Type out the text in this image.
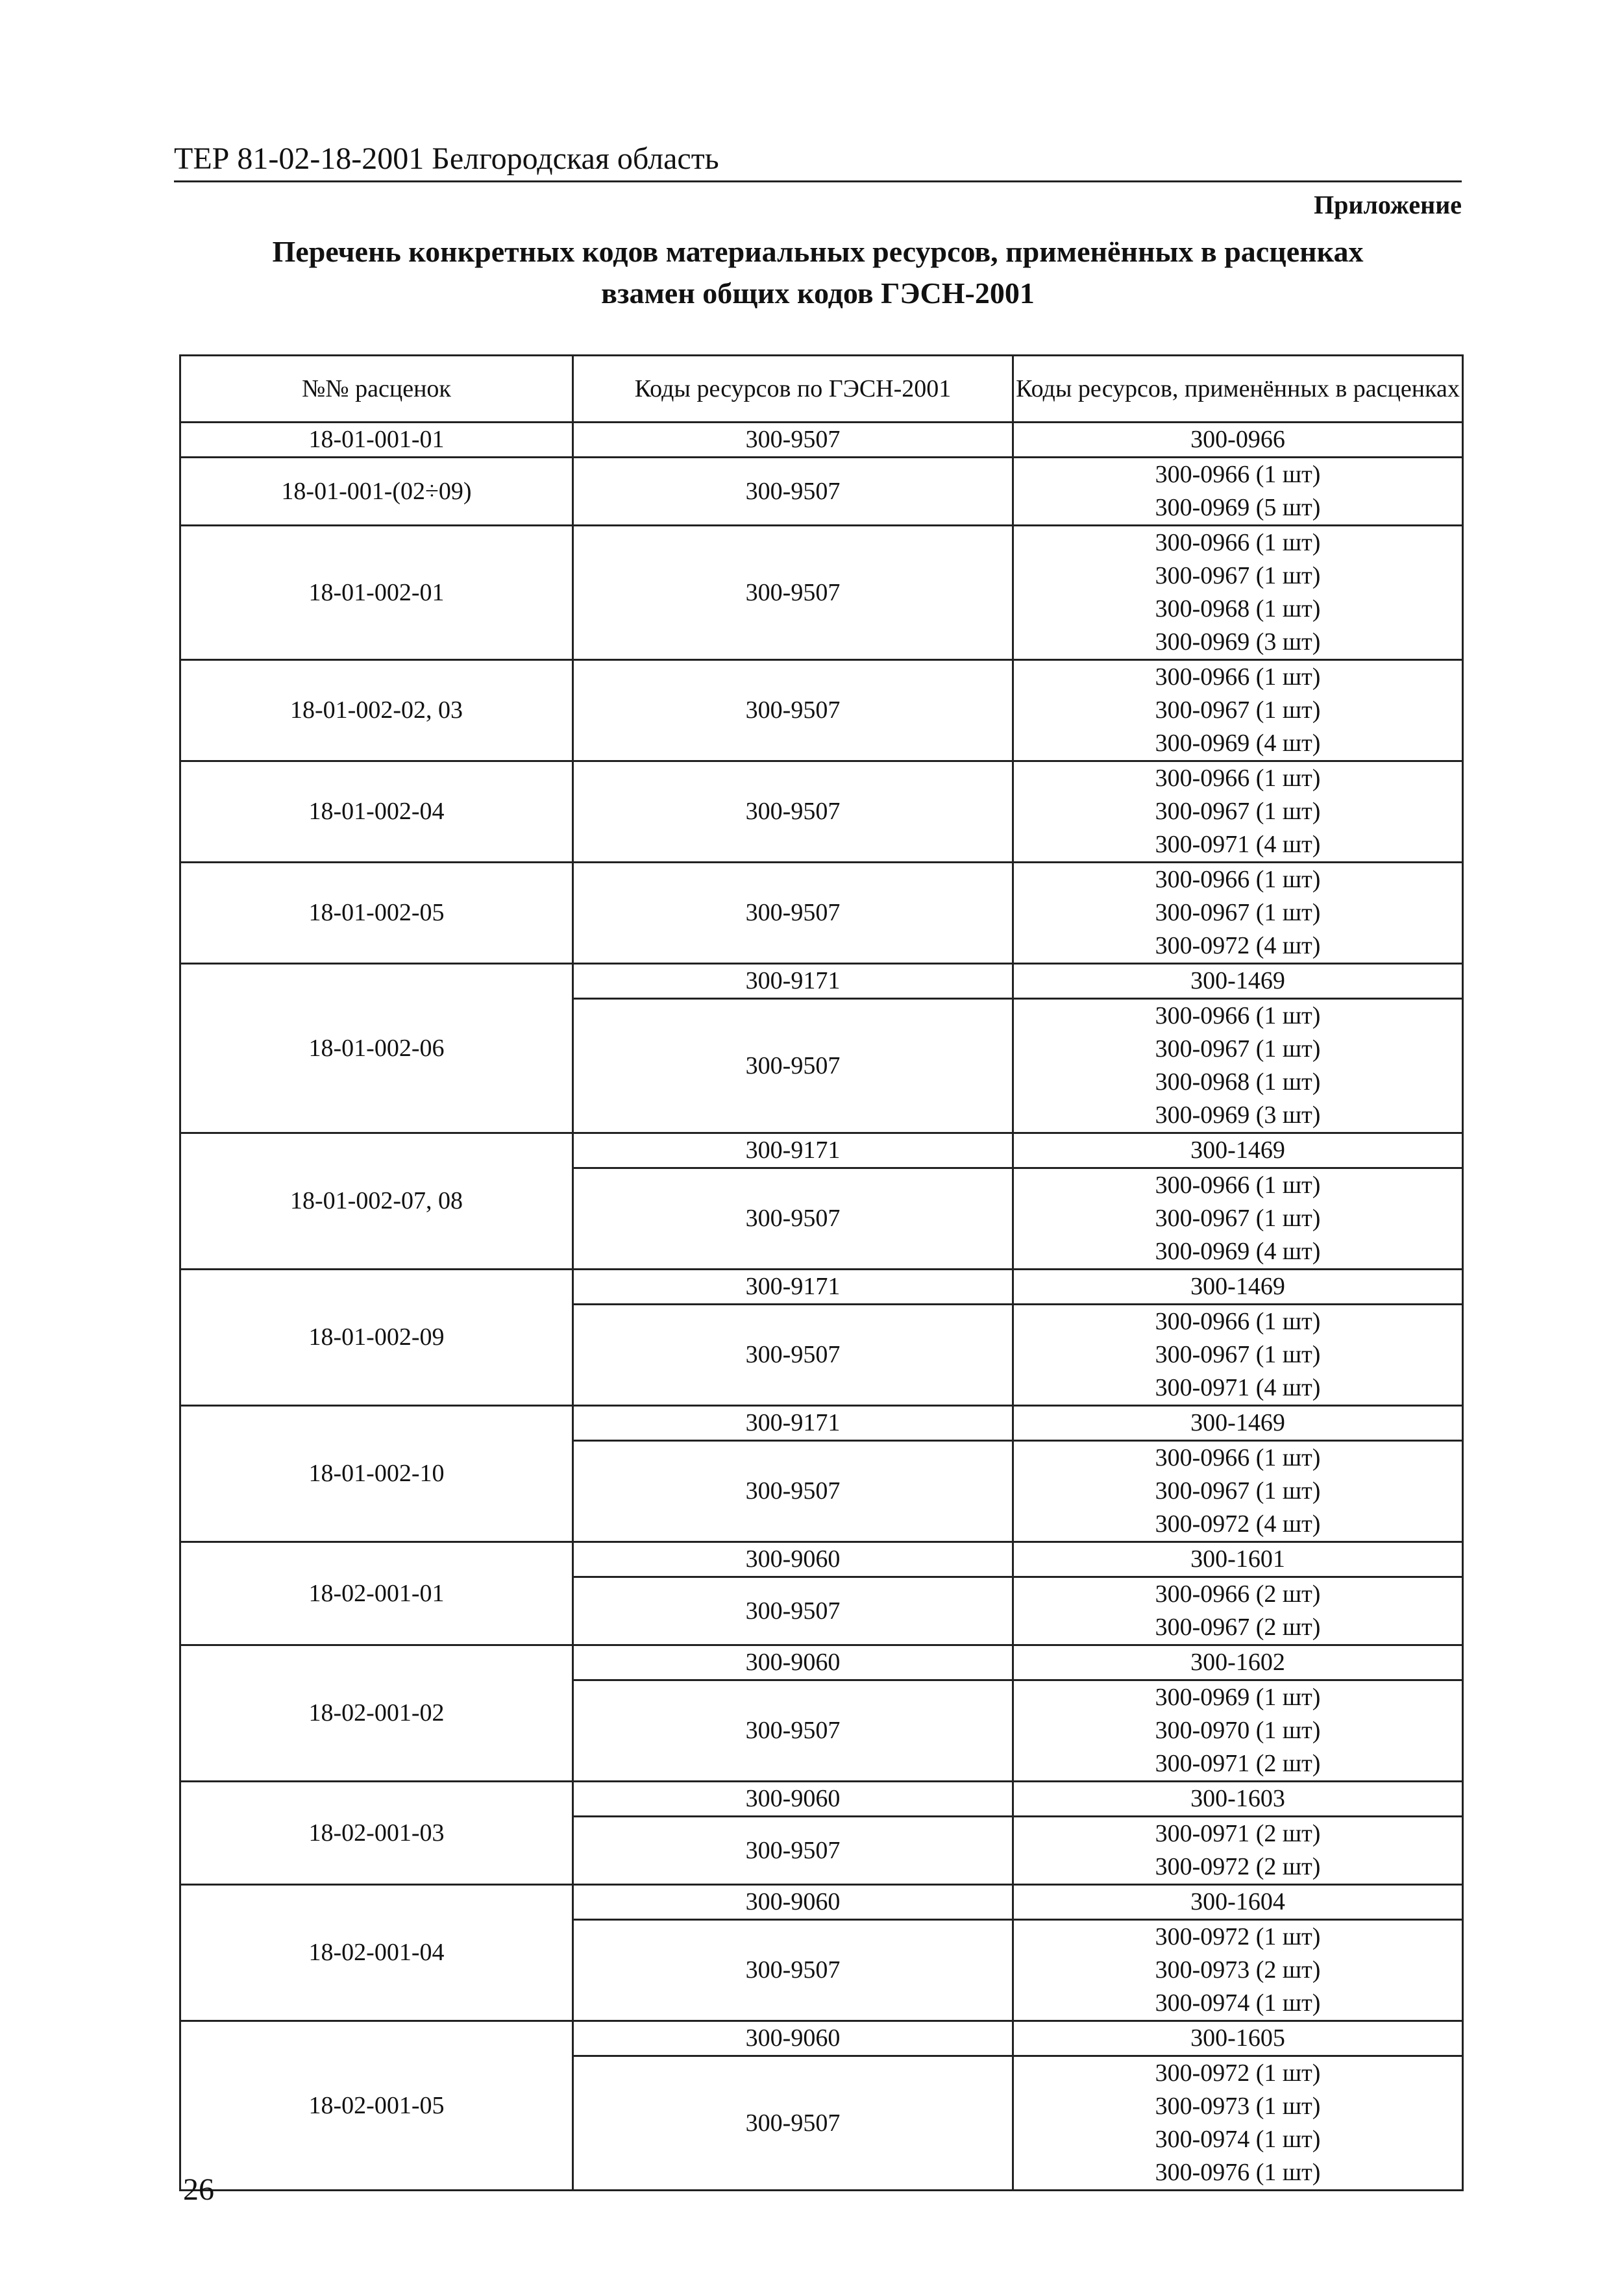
ТЕР 81-02-18-2001 Белгородская область
Приложение
Перечень конкретных кодов материальных ресурсов, применённых в расценках
взамен общих кодов ГЭСН-2001
№№ расценок	Коды ресурсов по ГЭСН-2001	Коды ресурсов, применённых в расценках
18-01-001-01	300-9507	300-0966

18-01-001-(02÷09)	300-9507	300-0966 (1 шт)
300-0969 (5 шт)

18-01-002-01	300-9507	300-0966 (1 шт)
300-0967 (1 шт)
300-0968 (1 шт)
300-0969 (3 шт)

18-01-002-02, 03	300-9507	300-0966 (1 шт)
300-0967 (1 шт)
300-0969 (4 шт)

18-01-002-04	300-9507	300-0966 (1 шт)
300-0967 (1 шт)
300-0971 (4 шт)

18-01-002-05	300-9507	300-0966 (1 шт)
300-0967 (1 шт)
300-0972 (4 шт)

18-01-002-06	300-9171	300-1469

	300-9507	300-0966 (1 шт)
300-0967 (1 шт)
300-0968 (1 шт)
300-0969 (3 шт)

18-01-002-07, 08	300-9171	300-1469

	300-9507	300-0966 (1 шт)
300-0967 (1 шт)
300-0969 (4 шт)

18-01-002-09	300-9171	300-1469

	300-9507	300-0966 (1 шт)
300-0967 (1 шт)
300-0971 (4 шт)

18-01-002-10	300-9171	300-1469

	300-9507	300-0966 (1 шт)
300-0967 (1 шт)
300-0972 (4 шт)

18-02-001-01	300-9060	300-1601

	300-9507	300-0966 (2 шт)
300-0967 (2 шт)

18-02-001-02	300-9060	300-1602

	300-9507	300-0969 (1 шт)
300-0970 (1 шт)
300-0971 (2 шт)

18-02-001-03	300-9060	300-1603

	300-9507	300-0971 (2 шт)
300-0972 (2 шт)

18-02-001-04	300-9060	300-1604

	300-9507	300-0972 (1 шт)
300-0973 (2 шт)
300-0974 (1 шт)

18-02-001-05	300-9060	300-1605

	300-9507	300-0972 (1 шт)
300-0973 (1 шт)
300-0974 (1 шт)
300-0976 (1 шт)
26
